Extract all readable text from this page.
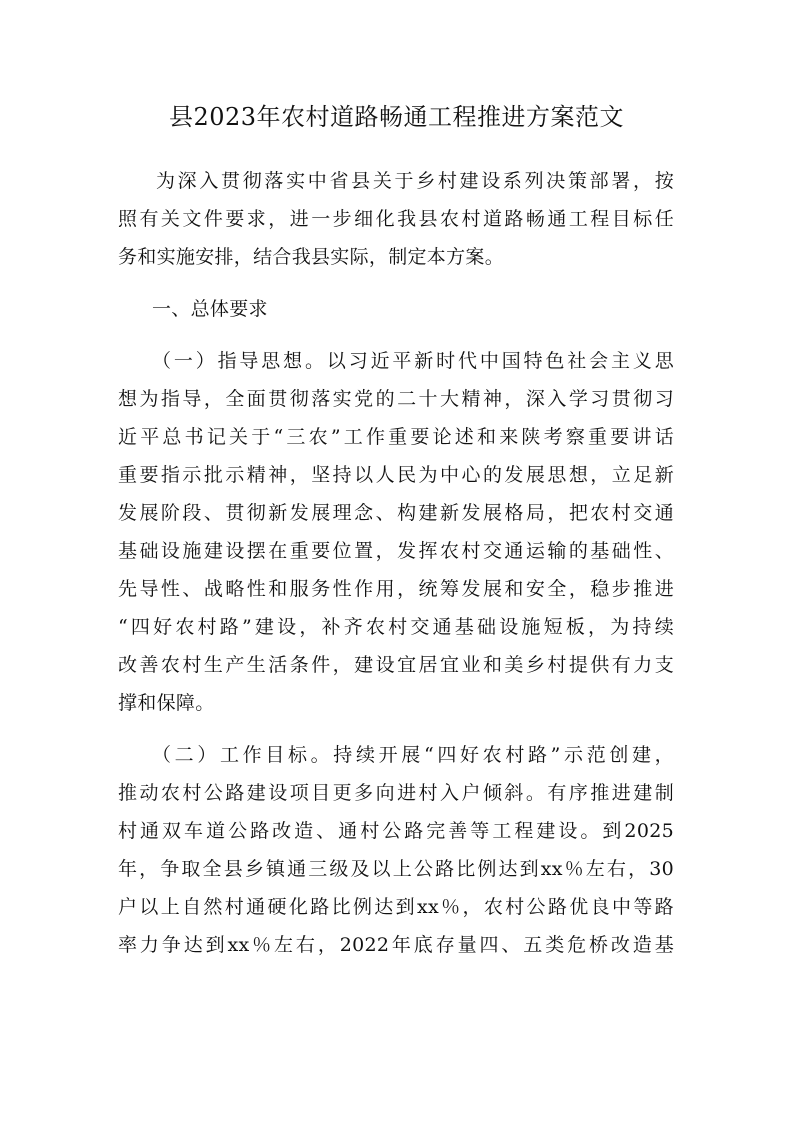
县2023年农村道路畅通工程推进方案范文
为深入贯彻落实中省县关于乡村建设系列决策部署，按
照有关文件要求，进一步细化我县农村道路畅通工程目标任
务和实施安排，结合我县实际，制定本方案。
一、总体要求
（一）指导思想。以习近平新时代中国特色社会主义思
想为指导，全面贯彻落实党的二十大精神，深入学习贯彻习
近平总书记关于“三农”工作重要论述和来陕考察重要讲话
重要指示批示精神，坚持以人民为中心的发展思想，立足新
发展阶段、贯彻新发展理念、构建新发展格局，把农村交通
基础设施建设摆在重要位置，发挥农村交通运输的基础性、
先导性、战略性和服务性作用，统筹发展和安全，稳步推进
“四好农村路”建设，补齐农村交通基础设施短板，为持续
改善农村生产生活条件，建设宜居宜业和美乡村提供有力支
撑和保障。
（二）工作目标。持续开展“四好农村路”示范创建，
推动农村公路建设项目更多向进村入户倾斜。有序推进建制
村通双车道公路改造、通村公路完善等工程建设。到2025
年，争取全县乡镇通三级及以上公路比例达到xx％左右，30
户以上自然村通硬化路比例达到xx％，农村公路优良中等路
率力争达到xx％左右，2022年底存量四、五类危桥改造基
